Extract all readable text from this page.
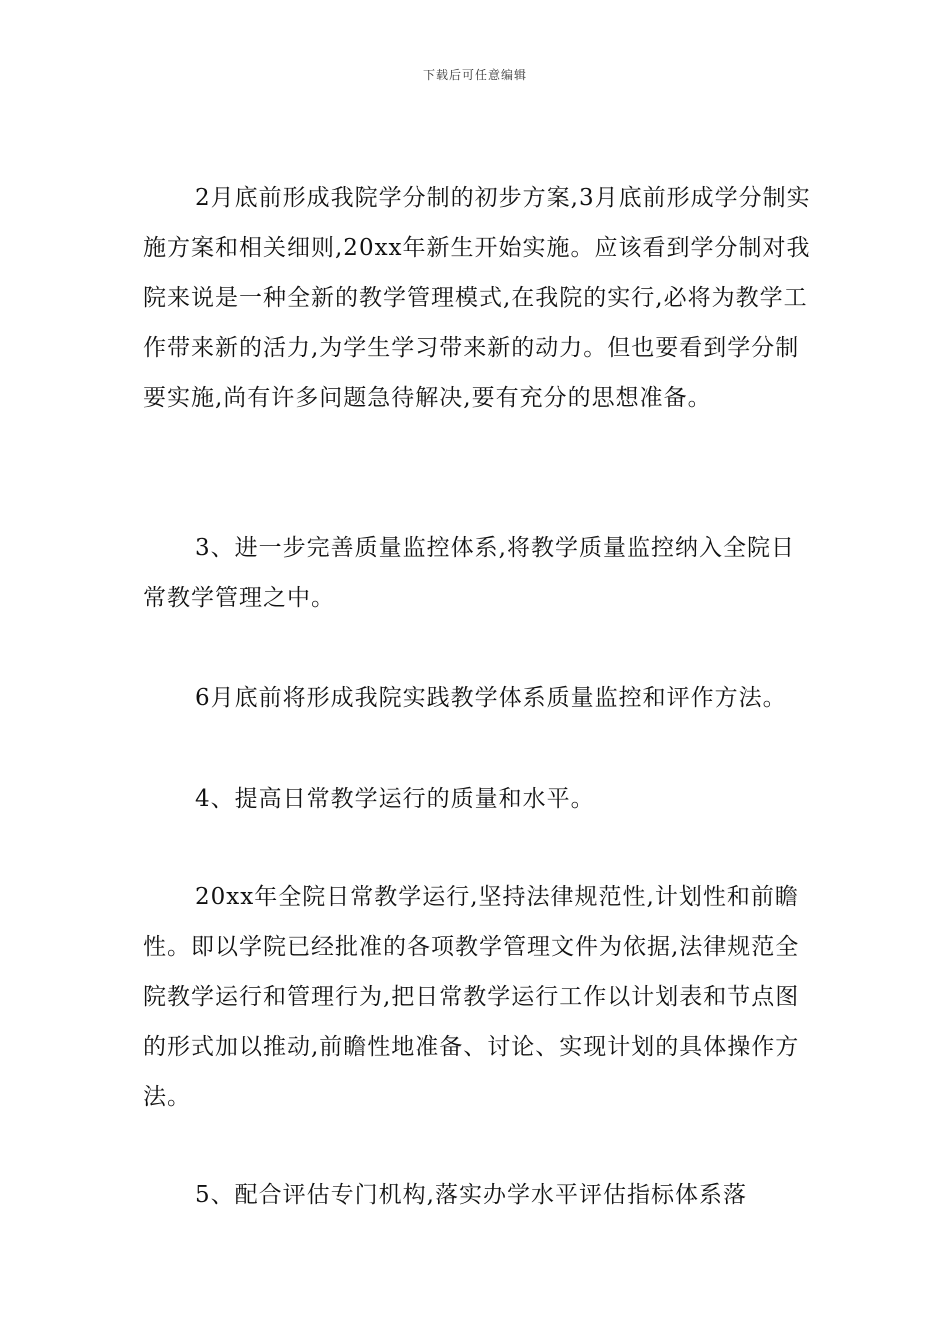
下载后可任意编辑

2月底前形成我院学分制的初步方案,3月底前形成学分制实施方案和相关细则,20xx年新生开始实施。应该看到学分制对我院来说是一种全新的教学管理模式,在我院的实行,必将为教学工作带来新的活力,为学生学习带来新的动力。但也要看到学分制要实施,尚有许多问题急待解决,要有充分的思想准备。

3、进一步完善质量监控体系,将教学质量监控纳入全院日常教学管理之中。

6月底前将形成我院实践教学体系质量监控和评作方法。

4、提高日常教学运行的质量和水平。

20xx年全院日常教学运行,坚持法律规范性,计划性和前瞻性。即以学院已经批准的各项教学管理文件为依据,法律规范全院教学运行和管理行为,把日常教学运行工作以计划表和节点图的形式加以推动,前瞻性地准备、讨论、实现计划的具体操作方法。

5、配合评估专门机构,落实办学水平评估指标体系落
